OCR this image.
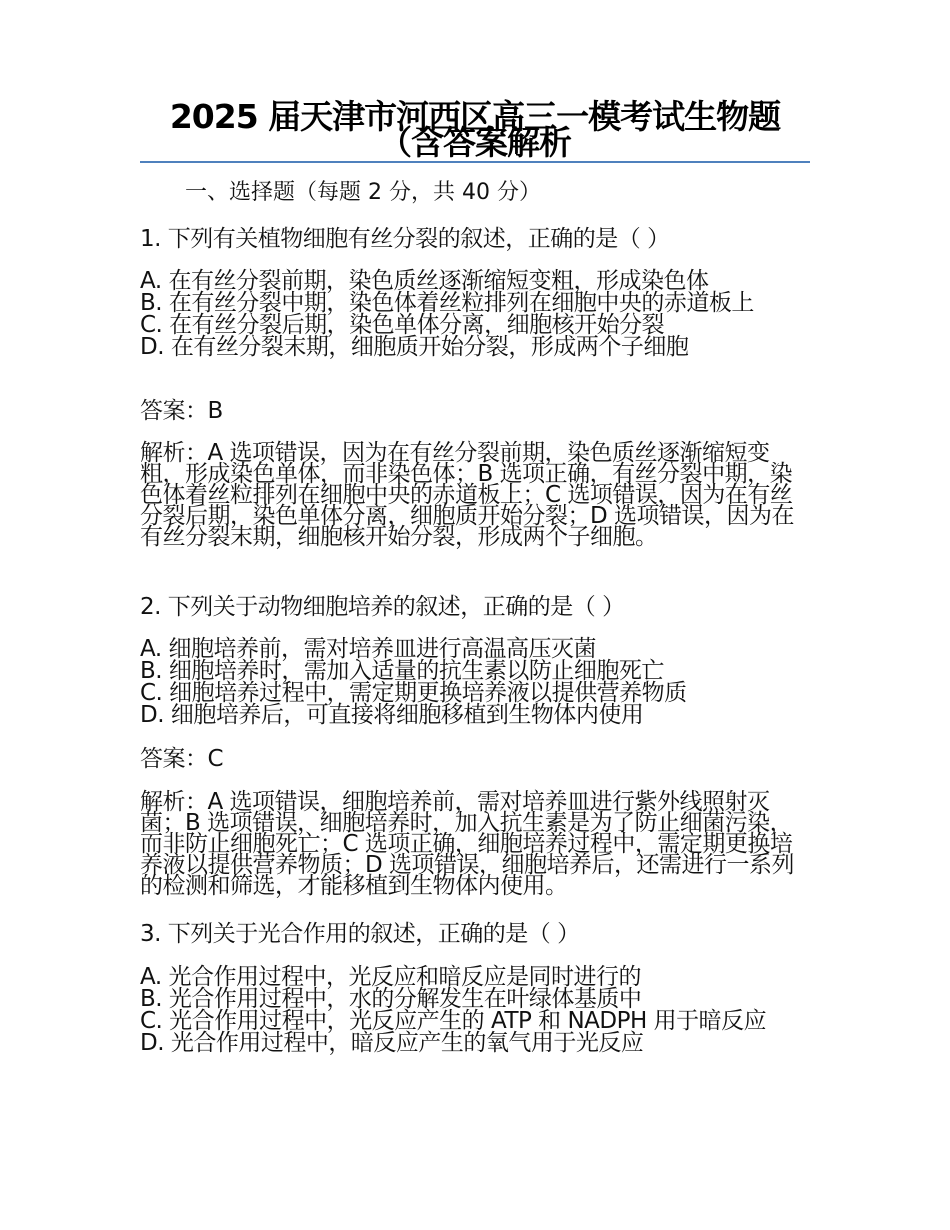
2025 届天津市河西区高三一模考试生物题（含答案解析
一、选择题（每题 2 分，共 40 分）
1. 下列有关植物细胞有丝分裂的叙述，正确的是（ ）

A. 在有丝分裂前期，染色质丝逐渐缩短变粗，形成染色体

B. 在有丝分裂中期，染色体着丝粒排列在细胞中央的赤道板上

C. 在有丝分裂后期，染色单体分离，细胞核开始分裂

D. 在有丝分裂末期，细胞质开始分裂，形成两个子细胞

答案：B
解析：A 选项错误，因为在有丝分裂前期，染色质丝逐渐缩短变粗，形成染色单体，而非染色体；B 选项正确，有丝分裂中期，染色体着丝粒排列在细胞中央的赤道板上；C 选项错误，因为在有丝分裂后期，染色单体分离，细胞质开始分裂；D 选项错误，因为在有丝分裂末期，细胞核开始分裂，形成两个子细胞。
2. 下列关于动物细胞培养的叙述，正确的是（ ）

A. 细胞培养前，需对培养皿进行高温高压灭菌

B. 细胞培养时，需加入适量的抗生素以防止细胞死亡

C. 细胞培养过程中，需定期更换培养液以提供营养物质

D. 细胞培养后，可直接将细胞移植到生物体内使用

答案：C
解析：A 选项错误，细胞培养前，需对培养皿进行紫外线照射灭菌；B 选项错误，细胞培养时，加入抗生素是为了防止细菌污染，而非防止细胞死亡；C 选项正确，细胞培养过程中，需定期更换培养液以提供营养物质；D 选项错误，细胞培养后，还需进行一系列的检测和筛选，才能移植到生物体内使用。
3. 下列关于光合作用的叙述，正确的是（ ）

A. 光合作用过程中，光反应和暗反应是同时进行的

B. 光合作用过程中，水的分解发生在叶绿体基质中

C. 光合作用过程中，光反应产生的 ATP 和 NADPH 用于暗反应

D. 光合作用过程中，暗反应产生的氧气用于光反应
